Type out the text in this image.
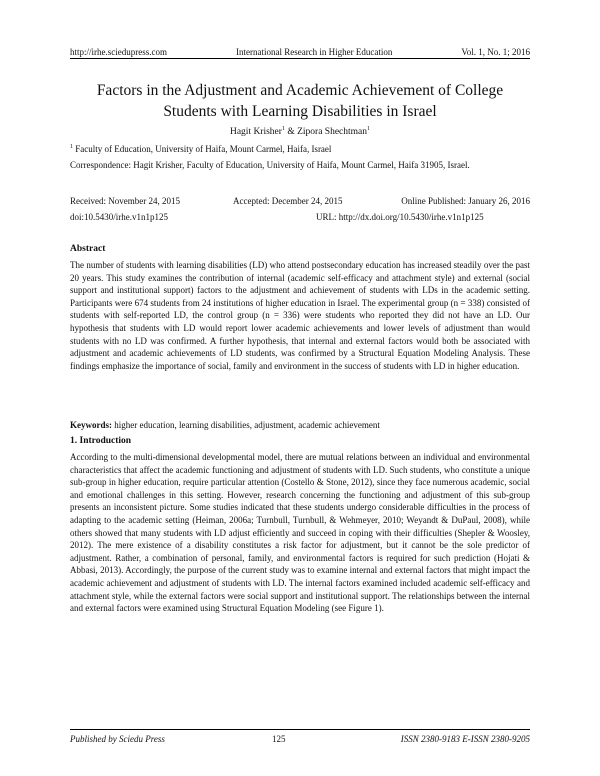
http://irhe.sciedupress.com	International Research in Higher Education	Vol. 1, No. 1; 2016
Factors in the Adjustment and Academic Achievement of College
Students with Learning Disabilities in Israel
Hagit Krisher$^1$ & Zipora Shechtman$^1$
$^1$ Faculty of Education, University of Haifa, Mount Carmel, Haifa, Israel
Correspondence: Hagit Krisher, Faculty of Education, University of Haifa, Mount Carmel, Haifa 31905, Israel.
Received: November 24, 2015	Accepted: December 24, 2015	Online Published: January 26, 2016
doi:10.5430/irhe.v1n1p125	URL: http://dx.doi.org/10.5430/irhe.v1n1p125
Abstract
The number of students with learning disabilities (LD) who attend postsecondary education has increased steadily over the past 20 years. This study examines the contribution of internal (academic self-efficacy and attachment style) and external (social support and institutional support) factors to the adjustment and achievement of students with LDs in the academic setting. Participants were 674 students from 24 institutions of higher education in Israel. The experimental group (n = 338) consisted of students with self-reported LD, the control group (n = 336) were students who reported they did not have an LD. Our hypothesis that students with LD would report lower academic achievements and lower levels of adjustment than would students with no LD was confirmed. A further hypothesis, that internal and external factors would both be associated with adjustment and academic achievements of LD students, was confirmed by a Structural Equation Modeling Analysis. These findings emphasize the importance of social, family and environment in the success of students with LD in higher education.
Keywords: higher education, learning disabilities, adjustment, academic achievement
1. Introduction
According to the multi-dimensional developmental model, there are mutual relations between an individual and environmental characteristics that affect the academic functioning and adjustment of students with LD. Such students, who constitute a unique sub-group in higher education, require particular attention (Costello & Stone, 2012), since they face numerous academic, social and emotional challenges in this setting. However, research concerning the functioning and adjustment of this sub-group presents an inconsistent picture. Some studies indicated that these students undergo considerable difficulties in the process of adapting to the academic setting (Heiman, 2006a; Turnbull, Turnbull, & Wehmeyer, 2010; Weyandt & DuPaul, 2008), while others showed that many students with LD adjust efficiently and succeed in coping with their difficulties (Shepler & Woosley, 2012). The mere existence of a disability constitutes a risk factor for adjustment, but it cannot be the sole predictor of adjustment. Rather, a combination of personal, family, and environmental factors is required for such prediction (Hojati & Abbasi, 2013). Accordingly, the purpose of the current study was to examine internal and external factors that might impact the academic achievement and adjustment of students with LD. The internal factors examined included academic self-efficacy and attachment style, while the external factors were social support and institutional support. The relationships between the internal and external factors were examined using Structural Equation Modeling (see Figure 1).
Published by Sciedu Press	125	ISSN 2380-9183 E-ISSN 2380-9205
